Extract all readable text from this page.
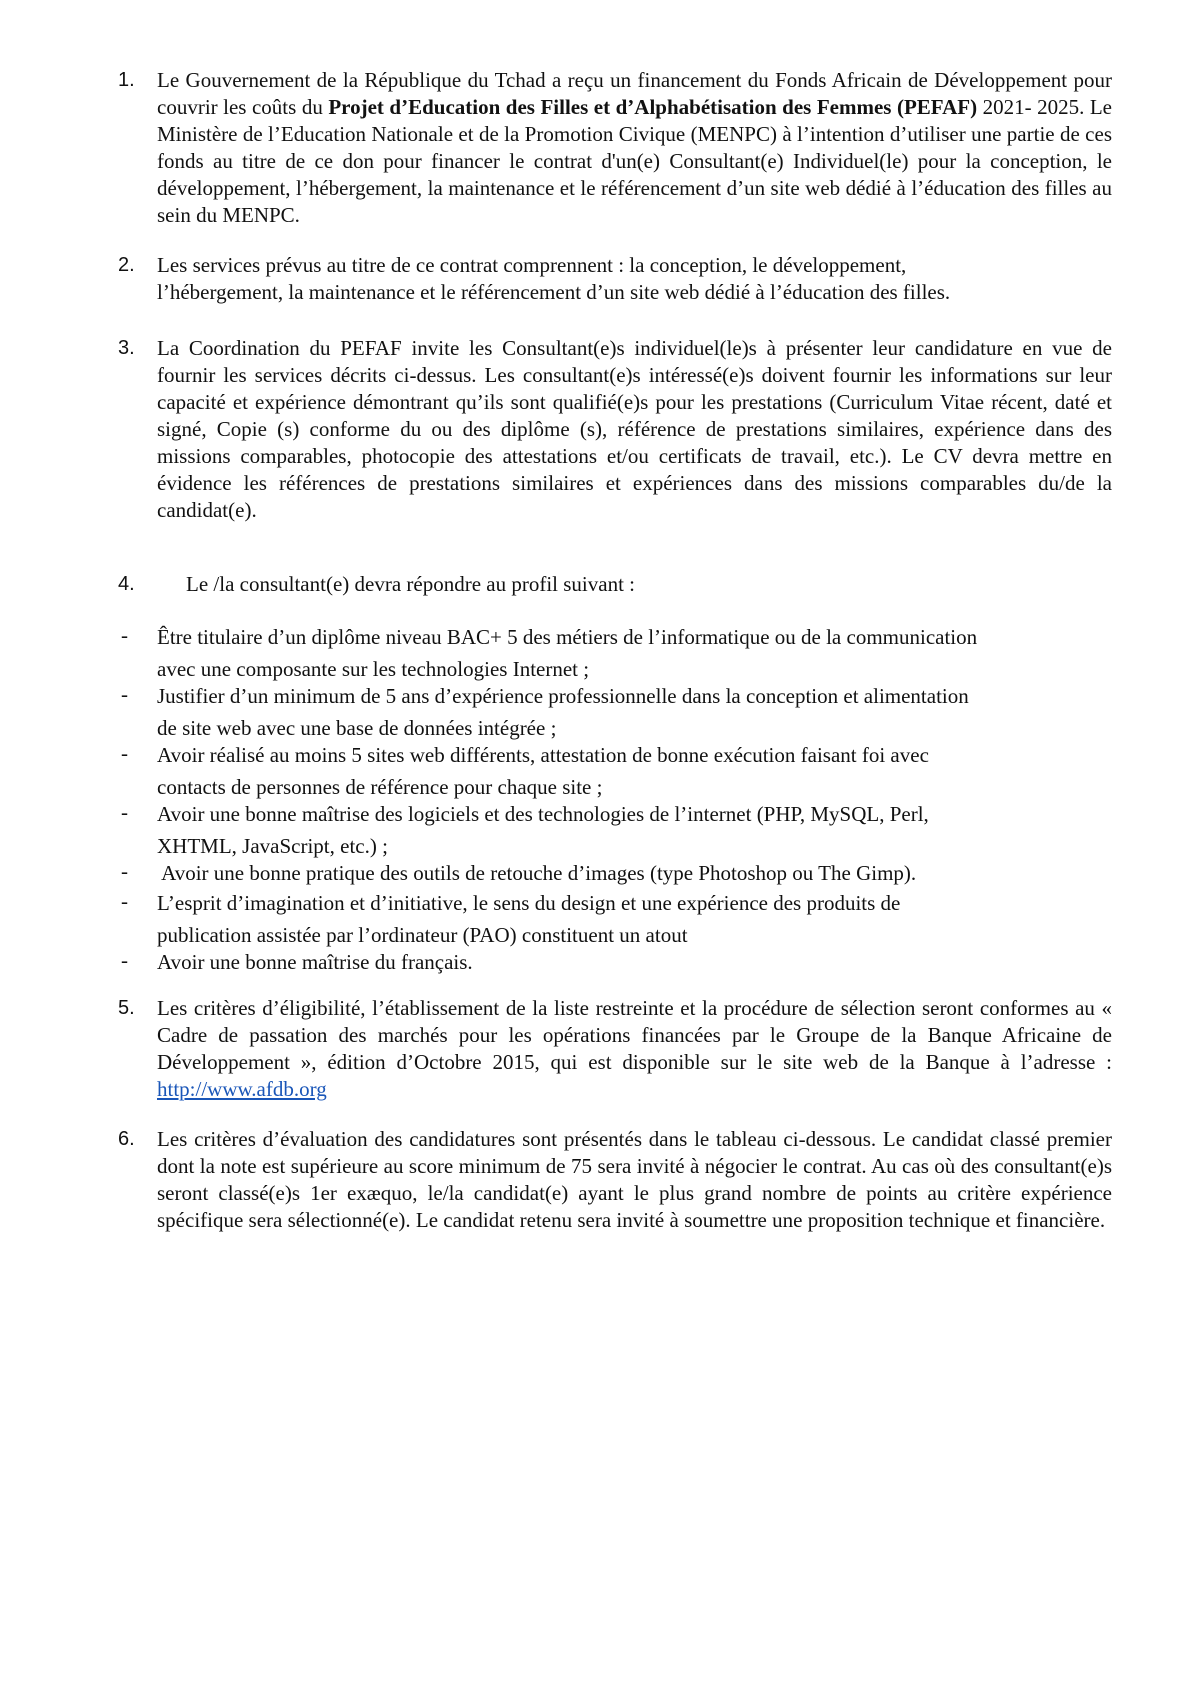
1. Le Gouvernement de la République du Tchad a reçu un financement du Fonds Africain de Développement pour couvrir les coûts du Projet d’Education des Filles et d’Alphabétisation des Femmes (PEFAF) 2021- 2025. Le Ministère de l’Education Nationale et de la Promotion Civique (MENPC) à l’intention d’utiliser une partie de ces fonds au titre de ce don pour financer le contrat d'un(e) Consultant(e) Individuel(le) pour la conception, le développement, l’hébergement, la maintenance et le référencement d’un site web dédié à l’éducation des filles au sein du MENPC.

2. Les services prévus au titre de ce contrat comprennent : la conception, le développement,
l’hébergement, la maintenance et le référencement d’un site web dédié à l’éducation des filles.

3. La Coordination du PEFAF invite les Consultant(e)s individuel(le)s à présenter leur candidature en vue de fournir les services décrits ci-dessus. Les consultant(e)s intéressé(e)s doivent fournir les informations sur leur capacité et expérience démontrant qu’ils sont qualifié(e)s pour les prestations (Curriculum Vitae récent, daté et signé, Copie (s) conforme du ou des diplôme (s), référence de prestations similaires, expérience dans des missions comparables, photocopie des attestations et/ou certificats de travail, etc.). Le CV devra mettre en évidence les références de prestations similaires et expériences dans des missions comparables du/de la candidat(e).

4. Le /la consultant(e) devra répondre au profil suivant :

- Être titulaire d’un diplôme niveau BAC+ 5 des métiers de l’informatique ou de la communication
avec une composante sur les technologies Internet ;

- Justifier d’un minimum de 5 ans d’expérience professionnelle dans la conception et alimentation
de site web avec une base de données intégrée ;

- Avoir réalisé au moins 5 sites web différents, attestation de bonne exécution faisant foi avec
contacts de personnes de référence pour chaque site ;

- Avoir une bonne maîtrise des logiciels et des technologies de l’internet (PHP, MySQL, Perl,
XHTML, JavaScript, etc.) ;

- Avoir une bonne pratique des outils de retouche d’images (type Photoshop ou The Gimp).

- L’esprit d’imagination et d’initiative, le sens du design et une expérience des produits de
publication assistée par l’ordinateur (PAO) constituent un atout

- Avoir une bonne maîtrise du français.

5. Les critères d’éligibilité, l’établissement de la liste restreinte et la procédure de sélection seront conformes au « Cadre de passation des marchés pour les opérations financées par le Groupe de la Banque Africaine de Développement », édition d’Octobre 2015, qui est disponible sur le site web de la Banque à l’adresse : http://www.afdb.org

6. Les critères d’évaluation des candidatures sont présentés dans le tableau ci-dessous. Le candidat classé premier dont la note est supérieure au score minimum de 75 sera invité à négocier le contrat. Au cas où des consultant(e)s seront classé(e)s 1er exæquo, le/la candidat(e) ayant le plus grand nombre de points au critère expérience spécifique sera sélectionné(e). Le candidat retenu sera invité à soumettre une proposition technique et financière.
